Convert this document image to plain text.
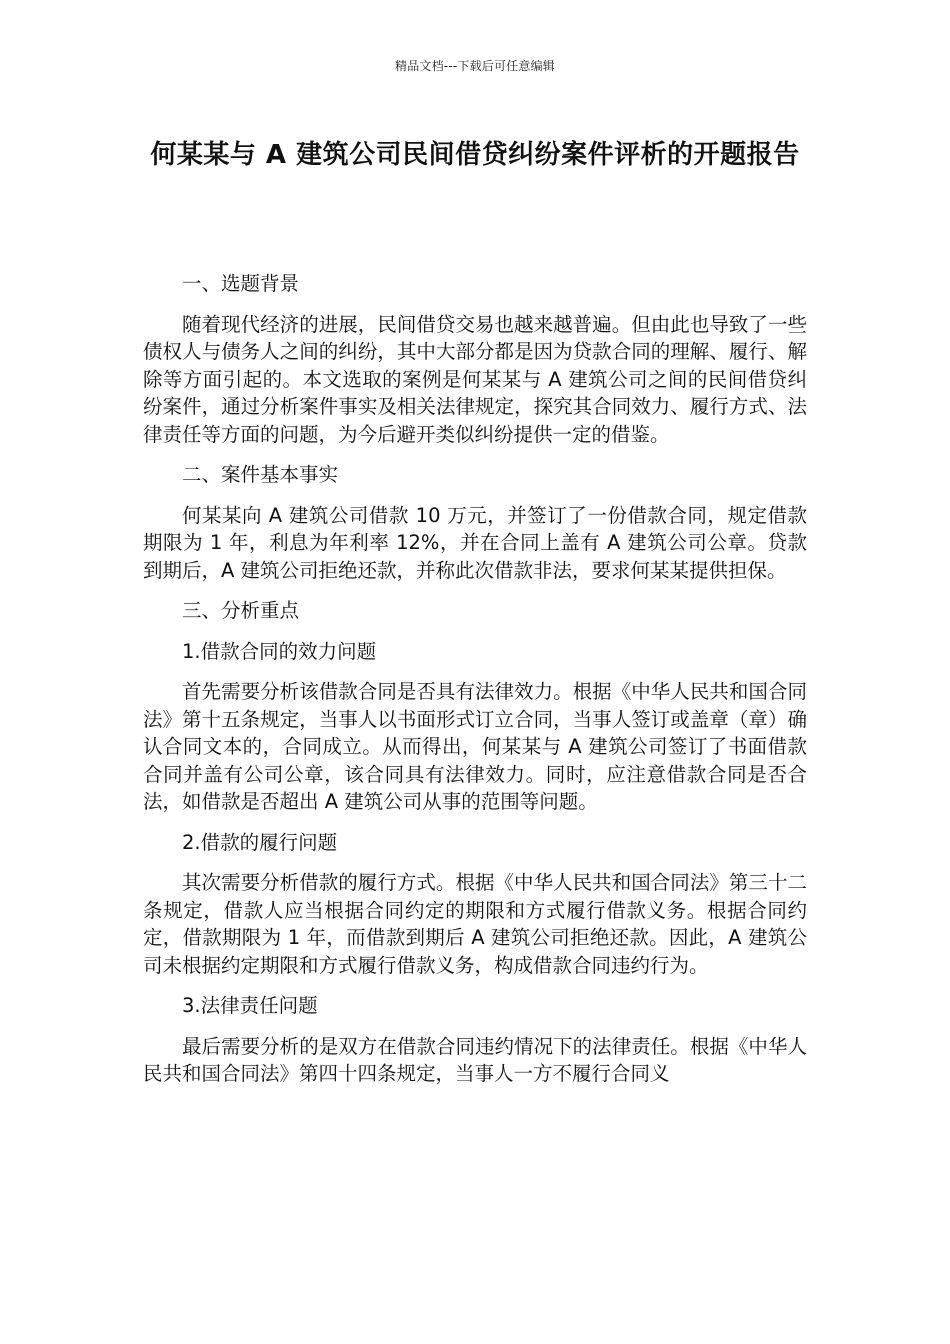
精品文档---下载后可任意编辑
何某某与 A 建筑公司民间借贷纠纷案件评析的开题报告

一、选题背景

随着现代经济的进展，民间借贷交易也越来越普遍。但由此也导致了一些债权人与债务人之间的纠纷，其中大部分都是因为贷款合同的理解、履行、解除等方面引起的。本文选取的案例是何某某与 A 建筑公司之间的民间借贷纠纷案件，通过分析案件事实及相关法律规定，探究其合同效力、履行方式、法律责任等方面的问题，为今后避开类似纠纷提供一定的借鉴。

二、案件基本事实

何某某向 A 建筑公司借款 10 万元，并签订了一份借款合同，规定借款期限为 1 年，利息为年利率 12%，并在合同上盖有 A 建筑公司公章。贷款到期后，A 建筑公司拒绝还款，并称此次借款非法，要求何某某提供担保。

三、分析重点

1.借款合同的效力问题

首先需要分析该借款合同是否具有法律效力。根据《中华人民共和国合同法》第十五条规定，当事人以书面形式订立合同，当事人签订或盖章（章）确认合同文本的，合同成立。从而得出，何某某与 A 建筑公司签订了书面借款合同并盖有公司公章，该合同具有法律效力。同时，应注意借款合同是否合法，如借款是否超出 A 建筑公司从事的范围等问题。

2.借款的履行问题

其次需要分析借款的履行方式。根据《中华人民共和国合同法》第三十二条规定，借款人应当根据合同约定的期限和方式履行借款义务。根据合同约定，借款期限为 1 年，而借款到期后 A 建筑公司拒绝还款。因此，A 建筑公司未根据约定期限和方式履行借款义务，构成借款合同违约行为。

3.法律责任问题

最后需要分析的是双方在借款合同违约情况下的法律责任。根据《中华人民共和国合同法》第四十四条规定，当事人一方不履行合同义
